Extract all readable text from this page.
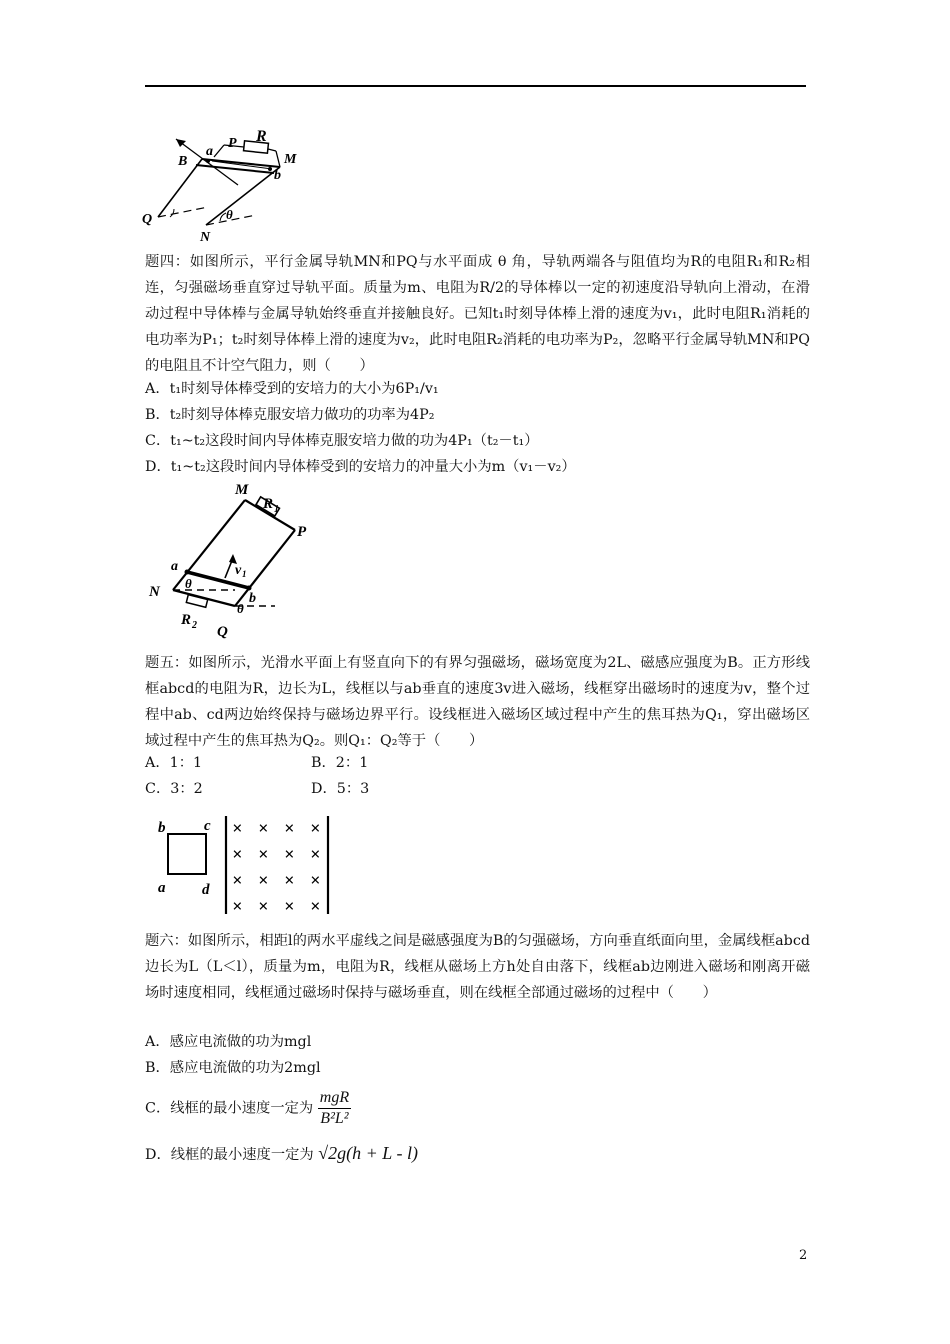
R
P
a
B	M
b
Q	θ
N

题四：如图所示，平行金属导轨MN和PQ与水平面成 θ 角，导轨两端各与阻值均为R的电阻R₁和R₂相连，匀强磁场垂直穿过导轨平面。质量为m、电阻为R/2的导体棒以一定的初速度沿导轨向上滑动，在滑动过程中导体棒与金属导轨始终垂直并接触良好。已知t₁时刻导体棒上滑的速度为v₁，此时电阻R₁消耗的电功率为P₁；t₂时刻导体棒上滑的速度为v₂，此时电阻R₂消耗的电功率为P₂，忽略平行金属导轨MN和PQ的电阻且不计空气阻力，则（　　）

A．t₁时刻导体棒受到的安培力的大小为6P₁/v₁
B．t₂时刻导体棒克服安培力做功的功率为4P₂
C．t₁~t₂这段时间内导体棒克服安培力做的功为4P₁（t₂－t₁）
D．t₁~t₂这段时间内导体棒受到的安培力的冲量大小为m（v₁－v₂）
M
R 1
P
a	v 1
N
θ
θ
b
R 2 Q

题五：如图所示，光滑水平面上有竖直向下的有界匀强磁场，磁场宽度为2L、磁感应强度为B。正方形线框abcd的电阻为R，边长为L，线框以与ab垂直的速度3v进入磁场，线框穿出磁场时的速度为v，整个过程中ab、cd两边始终保持与磁场边界平行。设线框进入磁场区域过程中产生的焦耳热为Q₁，穿出磁场区域过程中产生的焦耳热为Q₂。则Q₁：Q₂等于（　　）

A．1：1	B．2：1
C．3：2	D．5：3
× × × ×
× × × ×
× × × ×
× × × ×
b	c
a d

题六：如图所示，相距l的两水平虚线之间是磁感强度为B的匀强磁场，方向垂直纸面向里，金属线框abcd边长为L（L＜l），质量为m，电阻为R，线框从磁场上方h处自由落下，线框ab边刚进入磁场和刚离开磁场时速度相同，线框通过磁场时保持与磁场垂直，则在线框全部通过磁场的过程中（　　）

A．感应电流做的功为mgl
B．感应电流做的功为2mgl
C．线框的最小速度一定为 $\frac{\text{mgR}}{\text{B²L²}}$
D．线框的最小速度一定为 √2g(h + L - l)
2
